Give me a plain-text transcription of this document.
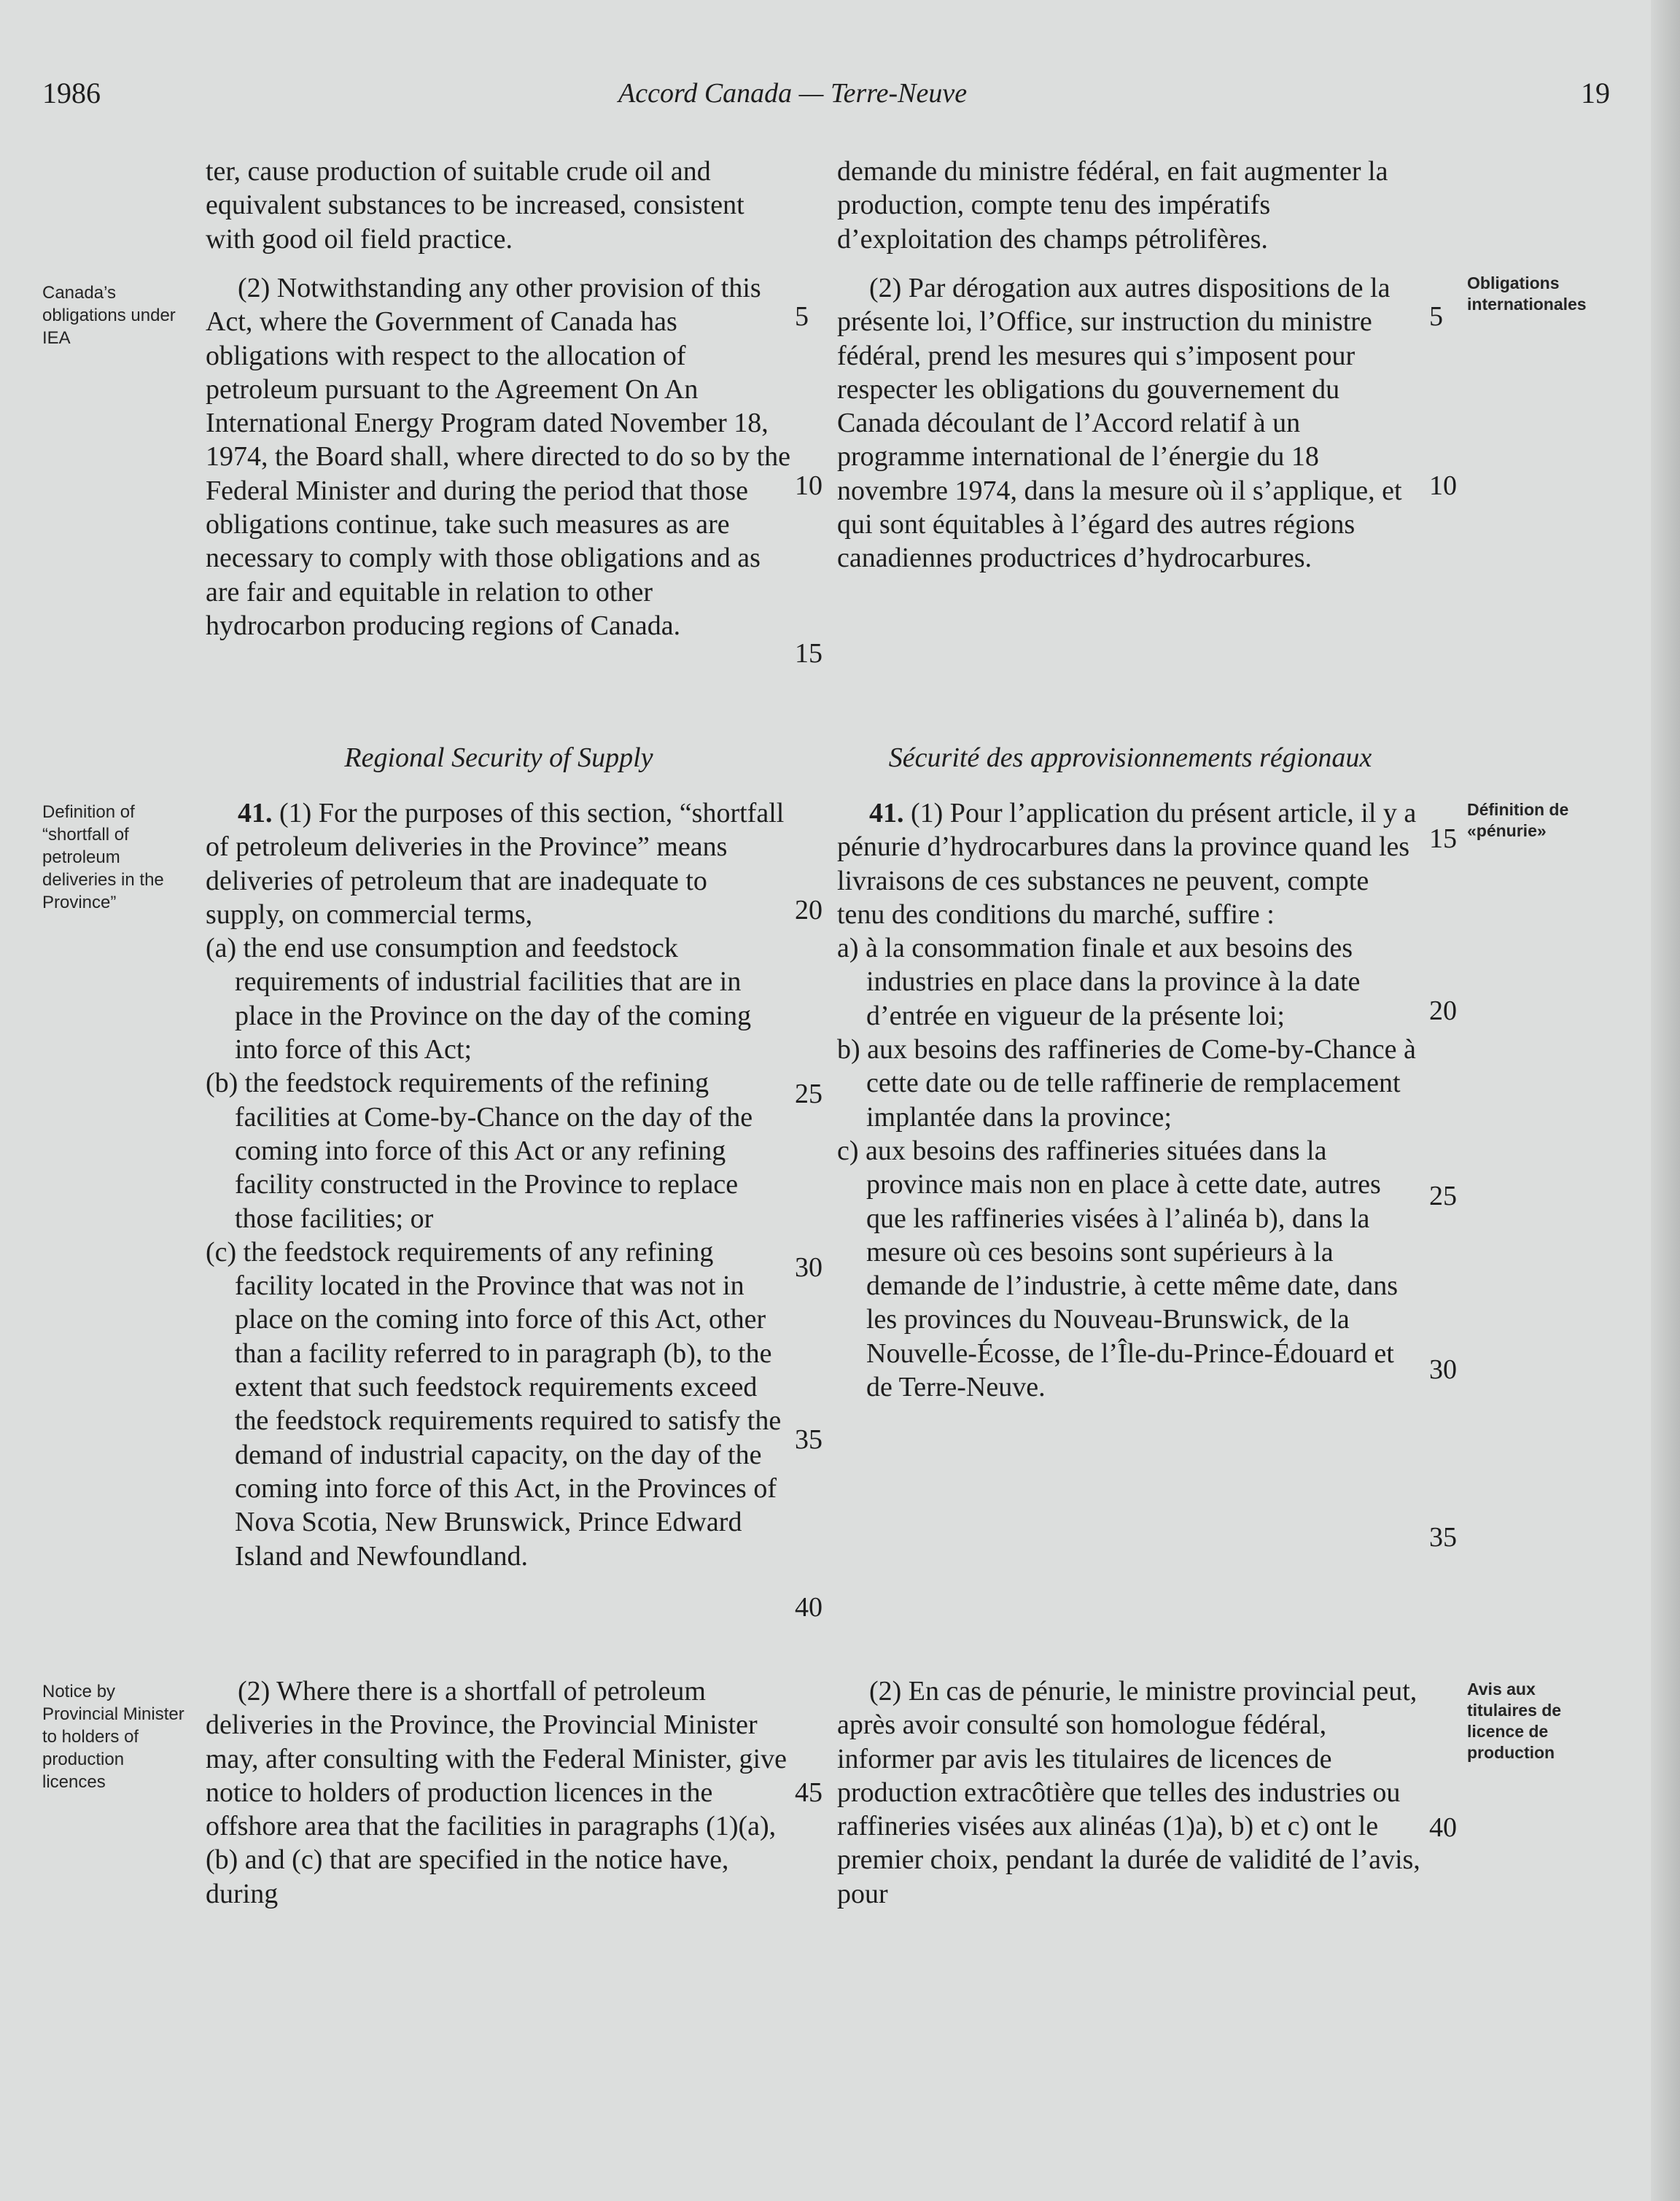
1986	Accord Canada — Terre-Neuve	19

ter, cause production of suitable crude oil and equivalent substances to be increased, consistent with good oil field practice.

(2) Notwithstanding any other provision of this Act, where the Government of Canada has obligations with respect to the allocation of petroleum pursuant to the Agreement On An International Energy Program dated November 18, 1974, the Board shall, where directed to do so by the Federal Minister and during the period that those obligations continue, take such measures as are necessary to comply with those obligations and as are fair and equitable in relation to other hydrocarbon producing regions of Canada.

Regional Security of Supply

41. (1) For the purposes of this section, “shortfall of petroleum deliveries in the Province” means deliveries of petroleum that are inadequate to supply, on commercial terms,

(a) the end use consumption and feedstock requirements of industrial facilities that are in place in the Province on the day of the coming into force of this Act;

(b) the feedstock requirements of the refining facilities at Come-by-Chance on the day of the coming into force of this Act or any refining facility constructed in the Province to replace those facilities; or

(c) the feedstock requirements of any refining facility located in the Province that was not in place on the coming into force of this Act, other than a facility referred to in paragraph (b), to the extent that such feedstock requirements exceed the feedstock requirements required to satisfy the demand of industrial capacity, on the day of the coming into force of this Act, in the Provinces of Nova Scotia, New Brunswick, Prince Edward Island and Newfoundland.

(2) Where there is a shortfall of petroleum deliveries in the Province, the Provincial Minister may, after consulting with the Federal Minister, give notice to holders of production licences in the offshore area that the facilities in paragraphs (1)(a), (b) and (c) that are specified in the notice have, during

demande du ministre fédéral, en fait augmenter la production, compte tenu des impératifs d’exploitation des champs pétrolifères.

(2) Par dérogation aux autres dispositions de la présente loi, l’Office, sur instruction du ministre fédéral, prend les mesures qui s’imposent pour respecter les obligations du gouvernement du Canada découlant de l’Accord relatif à un programme international de l’énergie du 18 novembre 1974, dans la mesure où il s’applique, et qui sont équitables à l’égard des autres régions canadiennes productrices d’hydrocarbures.

Sécurité des approvisionnements régionaux

41. (1) Pour l’application du présent article, il y a pénurie d’hydrocarbures dans la province quand les livraisons de ces substances ne peuvent, compte tenu des conditions du marché, suffire :

a) à la consommation finale et aux besoins des industries en place dans la province à la date d’entrée en vigueur de la présente loi;

b) aux besoins des raffineries de Come-by-Chance à cette date ou de telle raffinerie de remplacement implantée dans la province;

c) aux besoins des raffineries situées dans la province mais non en place à cette date, autres que les raffineries visées à l’alinéa b), dans la mesure où ces besoins sont supérieurs à la demande de l’industrie, à cette même date, dans les provinces du Nouveau-Brunswick, de la Nouvelle-Écosse, de l’Île-du-Prince-Édouard et de Terre-Neuve.

(2) En cas de pénurie, le ministre provincial peut, après avoir consulté son homologue fédéral, informer par avis les titulaires de licences de production extracôtière que telles des industries ou raffineries visées aux alinéas (1)a), b) et c) ont le premier choix, pendant la durée de validité de l’avis, pour

Canada’s obligations under IEA
Definition of “shortfall of petroleum deliveries in the Province”
Notice by Provincial Minister to holders of production licences
Obligations internationales
Définition de «pénurie»
Avis aux titulaires de licence de production
5
10
15
20
25
30
35
40
45
5
10
15
20
25
30
35
40
